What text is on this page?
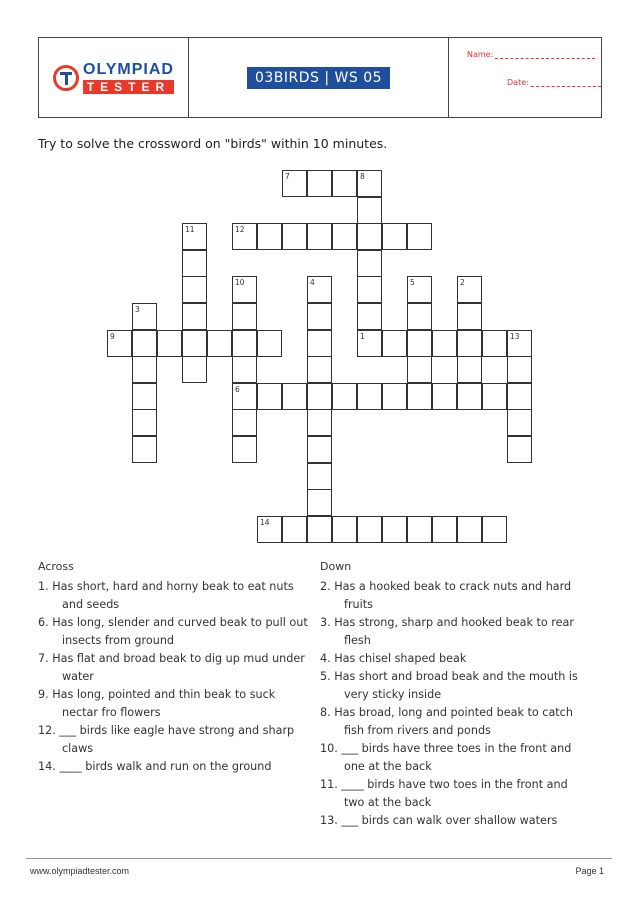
OLYMPIAD
TESTER
03BIRDS | WS 05
Name:
Date:
Try to solve the crossword on "birds" within 10 minutes.
7	8
12
11
10
6
4	5	2
3
9	1	13
14
Across
1. Has short, hard and horny beak to eat nuts and seeds
6. Has long, slender and curved beak to pull out insects from ground
7. Has flat and broad beak to dig up mud under water
9. Has long, pointed and thin beak to suck nectar fro flowers
12. ___ birds like eagle have strong and sharp claws
14. ____ birds walk and run on the ground
Down
2. Has a hooked beak to crack nuts and hard fruits
3. Has strong, sharp and hooked beak to rear flesh
4. Has chisel shaped beak
5. Has short and broad beak and the mouth is very sticky inside
8. Has broad, long and pointed beak to catch fish from rivers and ponds
10. ___ birds have three toes in the front and one at the back
11. ____ birds have two toes in the front and two at the back
13. ___ birds can walk over shallow waters
www.olympiadtester.com	Page 1
